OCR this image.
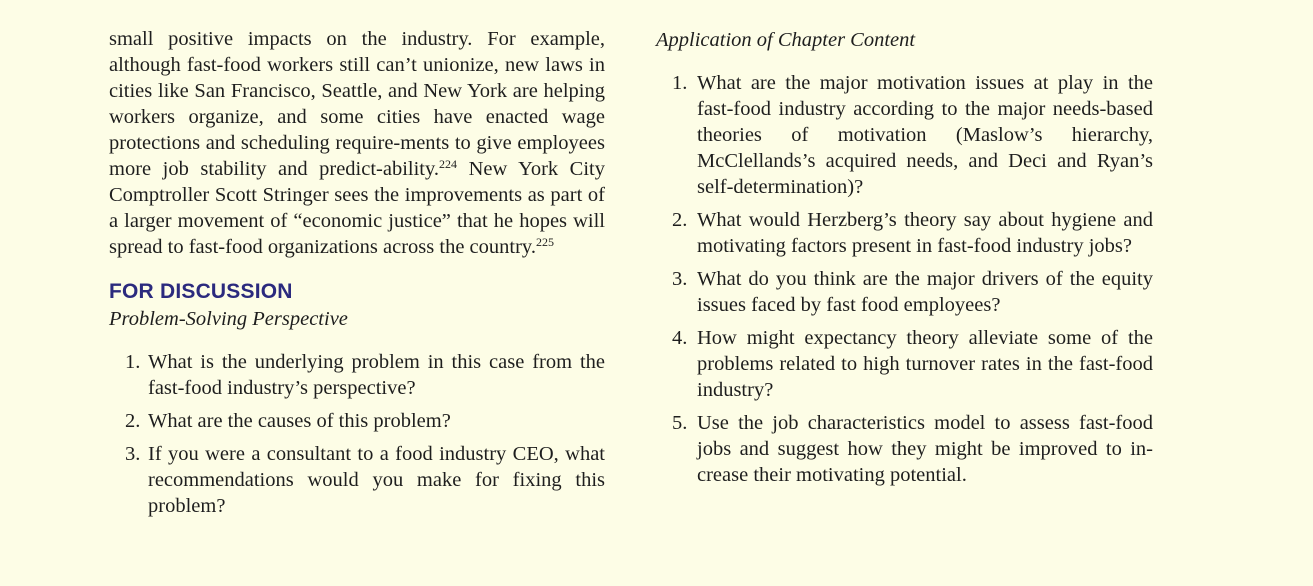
small positive impacts on the industry. For example, although fast-food workers still can’t unionize, new laws in cities like San Francisco, Seattle, and New York are helping workers organize, and some cities have enacted wage protections and scheduling require-ments to give employees more job stability and predict-ability.$^{224}$ New York City Comptroller Scott Stringer sees the improvements as part of a larger movement of “economic justice” that he hopes will spread to fast-food organizations across the country.$^{225}$

FOR DISCUSSION

Problem-Solving Perspective

1. What is the underlying problem in this case from the fast-food industry’s perspective?
2. What are the causes of this problem?
3. If you were a consultant to a food industry CEO, what recommendations would you make for fixing this problem?

Application of Chapter Content

1. What are the major motivation issues at play in the fast-food industry according to the major needs-based theories of motivation (Maslow’s hierarchy, McClellands’s acquired needs, and Deci and Ryan’s self-determination)?
2. What would Herzberg’s theory say about hygiene and motivating factors present in fast-food industry jobs?
3. What do you think are the major drivers of the equity issues faced by fast food employees?
4. How might expectancy theory alleviate some of the problems related to high turnover rates in the fast-food industry?
5. Use the job characteristics model to assess fast-food jobs and suggest how they might be improved to in-crease their motivating potential.
